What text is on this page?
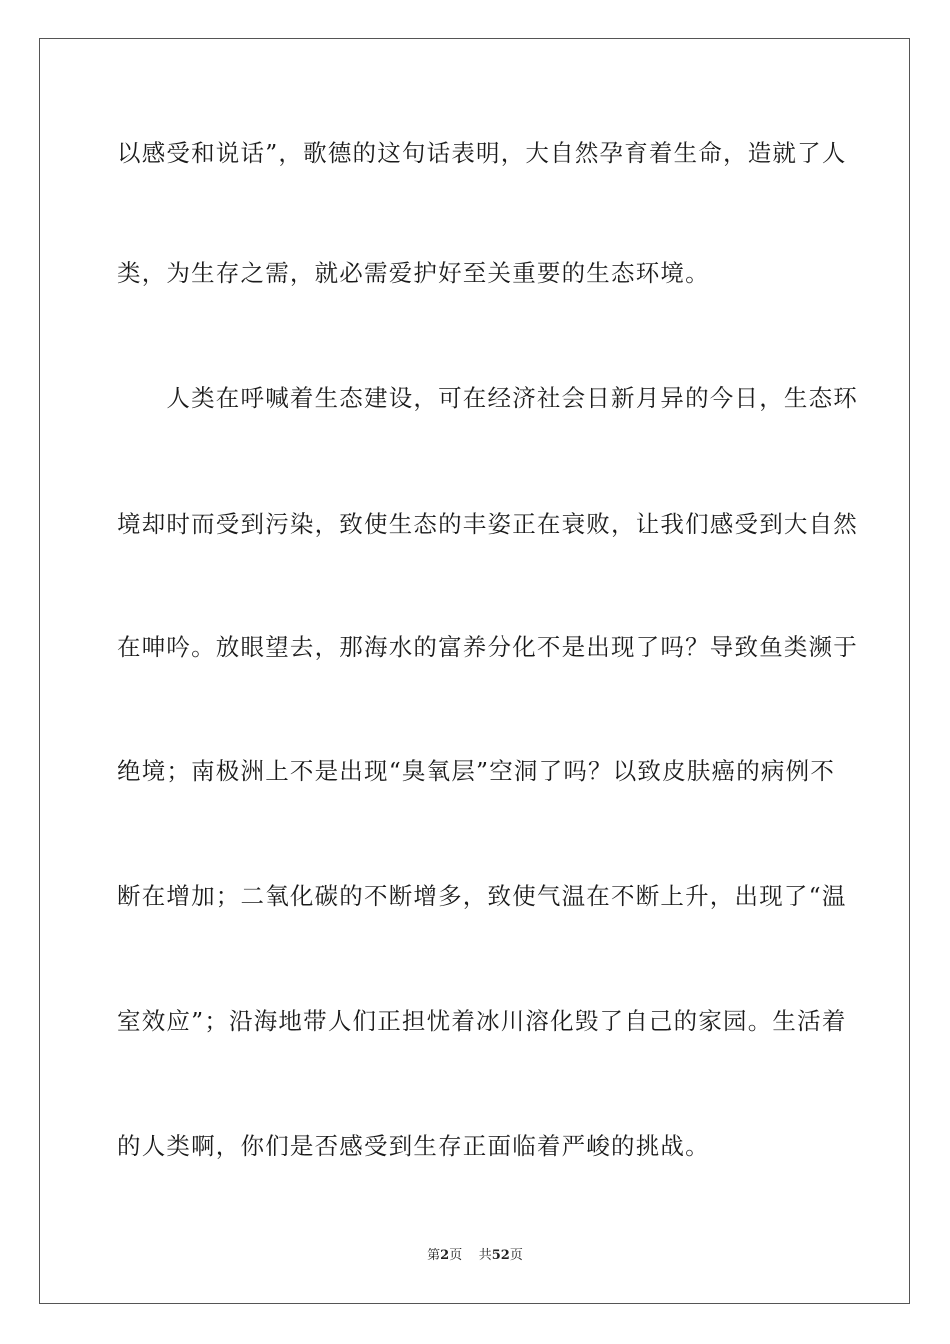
以感受和说话”，歌德的这句话表明，大自然孕育着生命，造就了人
类，为生存之需，就必需爱护好至关重要的生态环境。
　　人类在呼喊着生态建设，可在经济社会日新月异的今日，生态环
境却时而受到污染，致使生态的丰姿正在衰败，让我们感受到大自然
在呻吟。放眼望去，那海水的富养分化不是出现了吗？导致鱼类濒于
绝境；南极洲上不是出现“臭氧层”空洞了吗？以致皮肤癌的病例不
断在增加；二氧化碳的不断增多，致使气温在不断上升，出现了“温
室效应”；沿海地带人们正担忧着冰川溶化毁了自己的家园。生活着
的人类啊，你们是否感受到生存正面临着严峻的挑战。
第2页 共52页
